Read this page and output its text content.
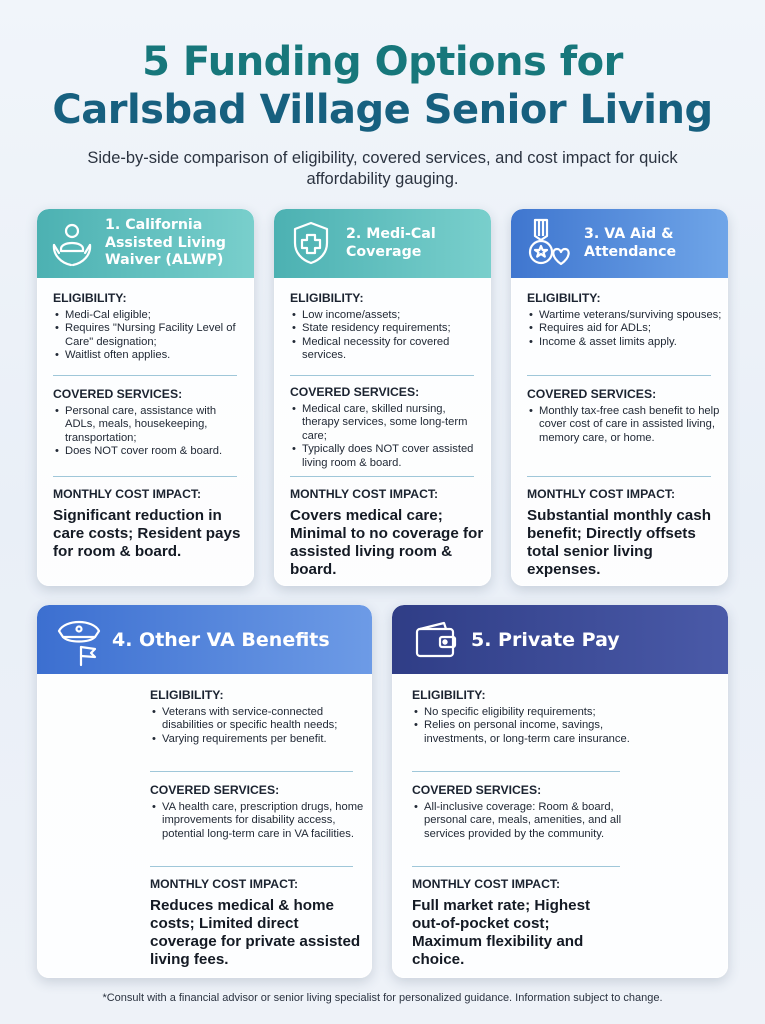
5 Funding Options for
Carlsbad Village Senior Living

Side-by-side comparison of eligibility, covered services, and cost impact for quick affordability gauging.

1. California Assisted Living Waiver (ALWP)
ELIGIBILITY:
• Medi-Cal eligible;
• Requires "Nursing Facility Level of Care" designation;
• Waitlist often applies.
COVERED SERVICES:
• Personal care, assistance with ADLs, meals, housekeeping, transportation;
• Does NOT cover room & board.
MONTHLY COST IMPACT:
Significant reduction in care costs; Resident pays for room & board.
2. Medi-Cal Coverage
ELIGIBILITY:
• Low income/assets;
• State residency requirements;
• Medical necessity for covered services.
COVERED SERVICES:
• Medical care, skilled nursing, therapy services, some long-term care;
• Typically does NOT cover assisted living room & board.
MONTHLY COST IMPACT:
Covers medical care; Minimal to no coverage for assisted living room & board.
3. VA Aid & Attendance
ELIGIBILITY:
• Wartime veterans/surviving spouses;
• Requires aid for ADLs;
• Income & asset limits apply.
COVERED SERVICES:
• Monthly tax-free cash benefit to help cover cost of care in assisted living, memory care, or home.
MONTHLY COST IMPACT:
Substantial monthly cash benefit; Directly offsets total senior living expenses.
4. Other VA Benefits
ELIGIBILITY:
• Veterans with service-connected disabilities or specific health needs;
• Varying requirements per benefit.
COVERED SERVICES:
• VA health care, prescription drugs, home improvements for disability access, potential long-term care in VA facilities.
MONTHLY COST IMPACT:
Reduces medical & home costs; Limited direct coverage for private assisted living fees.
5. Private Pay
ELIGIBILITY:
• No specific eligibility requirements;
• Relies on personal income, savings, investments, or long-term care insurance.
COVERED SERVICES:
• All-inclusive coverage: Room & board, personal care, meals, amenities, and all services provided by the community.
MONTHLY COST IMPACT:
Full market rate; Highest out-of-pocket cost; Maximum flexibility and choice.

*Consult with a financial advisor or senior living specialist for personalized guidance. Information subject to change.
